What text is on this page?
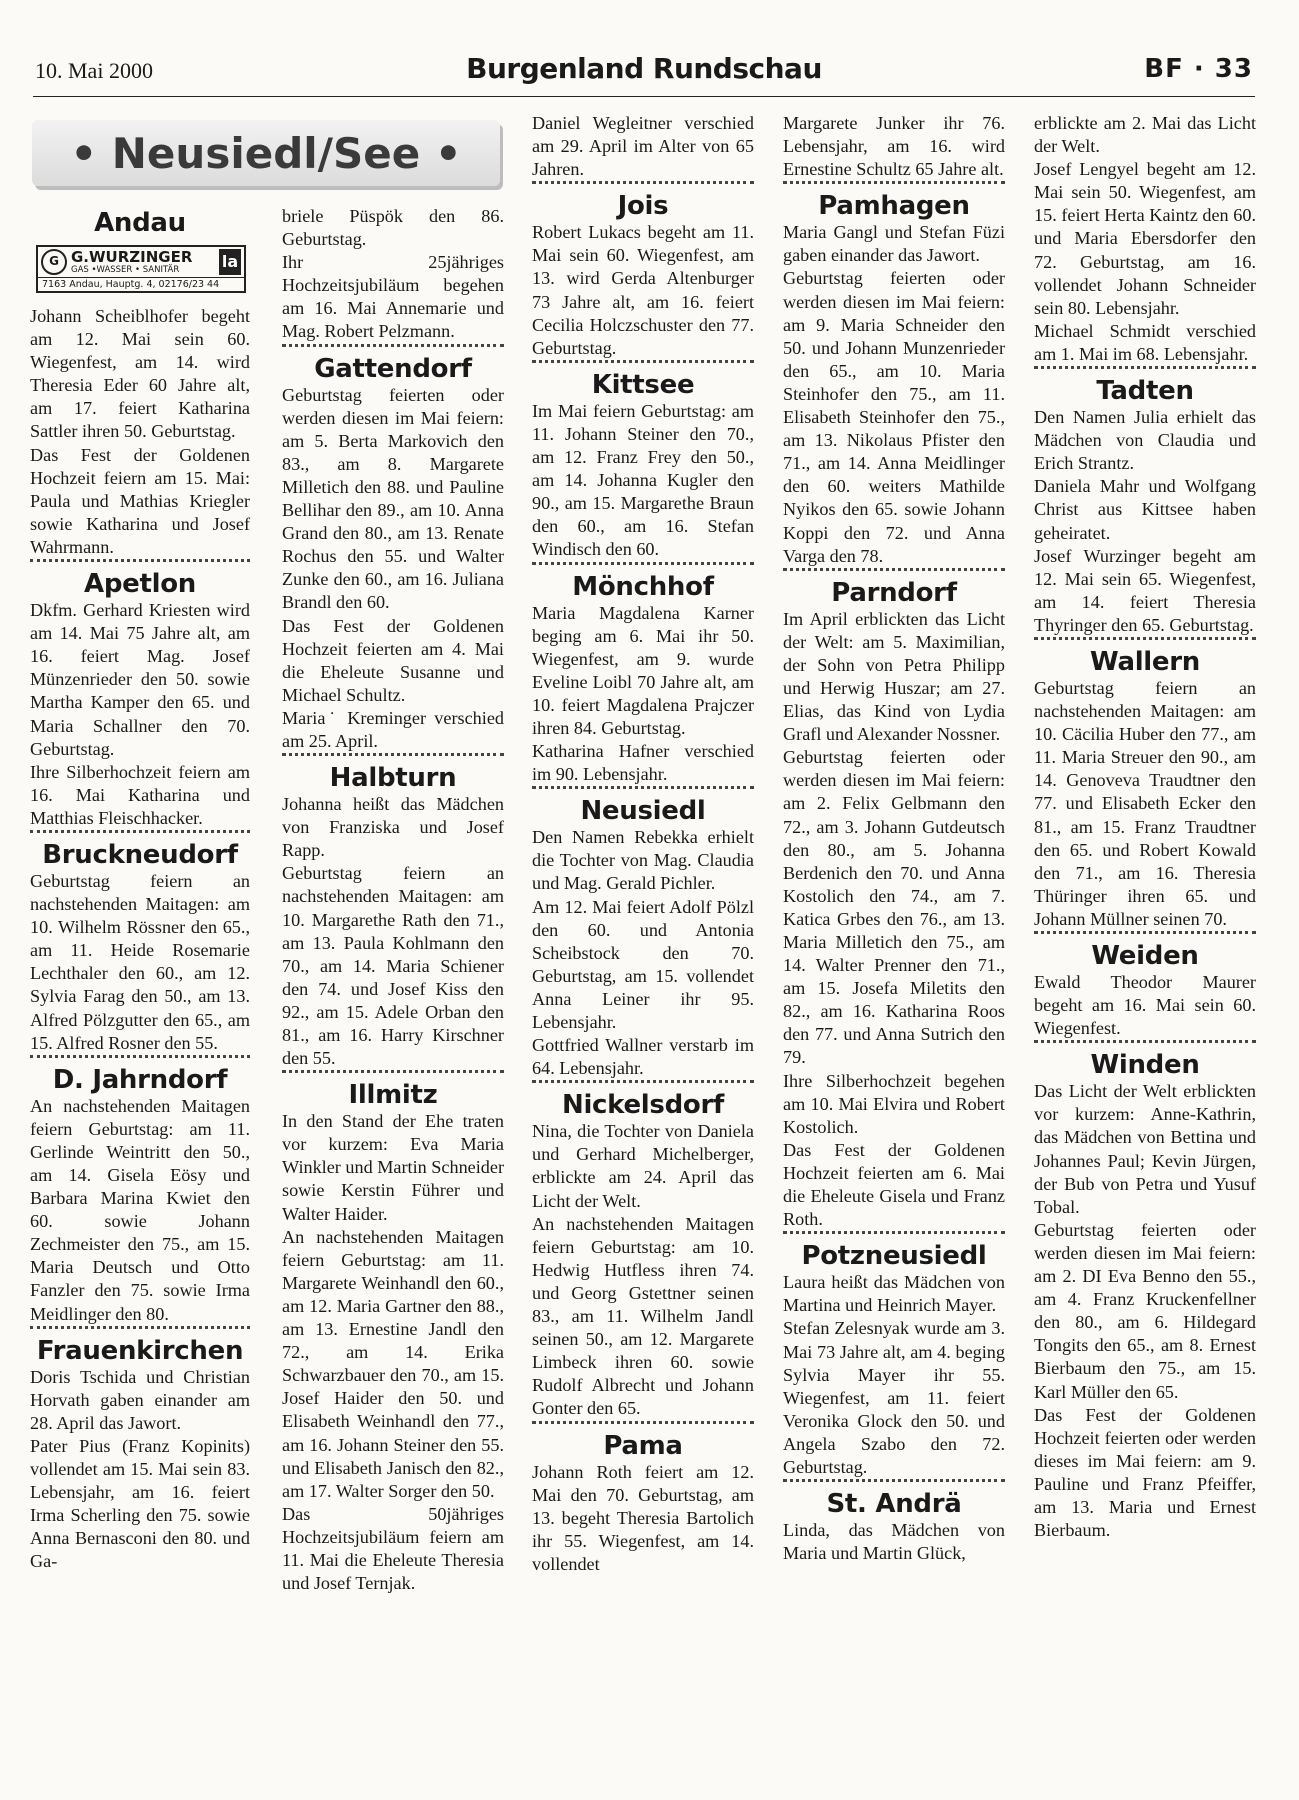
10. Mai 2000	Burgenland Rundschau	BF · 33
• Neusiedl/See •
Andau
G G.WURZINGER
GAS •WASSER • SANITÄR	la
7163 Andau, Hauptg. 4, 02176/23 44

Johann Scheiblhofer begeht am 12. Mai sein 60. Wiegenfest, am 14. wird Theresia Eder 60 Jahre alt, am 17. feiert Katharina Sattler ihren 50. Geburtstag.

Das Fest der Goldenen Hochzeit feiern am 15. Mai: Paula und Mathias Kriegler sowie Katharina und Josef Wahrmann.

Apetlon

Dkfm. Gerhard Kriesten wird am 14. Mai 75 Jahre alt, am 16. feiert Mag. Josef Münzenrieder den 50. sowie Martha Kamper den 65. und Maria Schallner den 70. Geburtstag.

Ihre Silberhochzeit feiern am 16. Mai Katharina und Matthias Fleischhacker.

Bruckneudorf

Geburtstag feiern an nachstehenden Maitagen: am 10. Wilhelm Rössner den 65., am 11. Heide Rosemarie Lechthaler den 60., am 12. Sylvia Farag den 50., am 13. Alfred Pölzgutter den 65., am 15. Alfred Rosner den 55.

D. Jahrndorf

An nachstehenden Maitagen feiern Geburtstag: am 11. Gerlinde Weintritt den 50., am 14. Gisela Eösy und Barbara Marina Kwiet den 60. sowie Johann Zechmeister den 75., am 15. Maria Deutsch und Otto Fanzler den 75. sowie Irma Meidlinger den 80.

Frauenkirchen

Doris Tschida und Christian Horvath gaben einander am 28. April das Jawort.

Pater Pius (Franz Kopinits) vollendet am 15. Mai sein 83. Lebensjahr, am 16. feiert Irma Scherling den 75. sowie Anna Bernasconi den 80. und Ga-

briele Püspök den 86. Geburtstag.

Ihr 25jähriges Hochzeitsjubiläum begehen am 16. Mai Annemarie und Mag. Robert Pelzmann.

Gattendorf

Geburtstag feierten oder werden diesen im Mai feiern: am 5. Berta Markovich den 83., am 8. Margarete Milletich den 88. und Pauline Bellihar den 89., am 10. Anna Grand den 80., am 13. Renate Rochus den 55. und Walter Zunke den 60., am 16. Juliana Brandl den 60.

Das Fest der Goldenen Hochzeit feierten am 4. Mai die Eheleute Susanne und Michael Schultz.

Maria˙ Kreminger verschied am 25. April.

Halbturn

Johanna heißt das Mädchen von Franziska und Josef Rapp.

Geburtstag feiern an nachstehenden Maitagen: am 10. Margarethe Rath den 71., am 13. Paula Kohlmann den 70., am 14. Maria Schiener den 74. und Josef Kiss den 92., am 15. Adele Orban den 81., am 16. Harry Kirschner den 55.

Illmitz

In den Stand der Ehe traten vor kurzem: Eva Maria Winkler und Martin Schneider sowie Kerstin Führer und Walter Haider.

An nachstehenden Maitagen feiern Geburtstag: am 11. Margarete Weinhandl den 60., am 12. Maria Gartner den 88., am 13. Ernestine Jandl den 72., am 14. Erika Schwarzbauer den 70., am 15. Josef Haider den 50. und Elisabeth Weinhandl den 77., am 16. Johann Steiner den 55. und Elisabeth Janisch den 82., am 17. Walter Sorger den 50.

Das 50jähriges Hochzeitsjubiläum feiern am 11. Mai die Eheleute Theresia und Josef Ternjak.

Daniel Wegleitner verschied am 29. April im Alter von 65 Jahren.

Jois

Robert Lukacs begeht am 11. Mai sein 60. Wiegenfest, am 13. wird Gerda Altenburger 73 Jahre alt, am 16. feiert Cecilia Holczschuster den 77. Geburtstag.

Kittsee

Im Mai feiern Geburtstag: am 11. Johann Steiner den 70., am 12. Franz Frey den 50., am 14. Johanna Kugler den 90., am 15. Margarethe Braun den 60., am 16. Stefan Windisch den 60.

Mönchhof

Maria Magdalena Karner beging am 6. Mai ihr 50. Wiegenfest, am 9. wurde Eveline Loibl 70 Jahre alt, am 10. feiert Magdalena Prajczer ihren 84. Geburtstag.

Katharina Hafner verschied im 90. Lebensjahr.

Neusiedl

Den Namen Rebekka erhielt die Tochter von Mag. Claudia und Mag. Gerald Pichler.

Am 12. Mai feiert Adolf Pölzl den 60. und Antonia Scheibstock den 70. Geburtstag, am 15. vollendet Anna Leiner ihr 95. Lebensjahr.

Gottfried Wallner verstarb im 64. Lebensjahr.

Nickelsdorf

Nina, die Tochter von Daniela und Gerhard Michelberger, erblickte am 24. April das Licht der Welt.

An nachstehenden Maitagen feiern Geburtstag: am 10. Hedwig Hutfless ihren 74. und Georg Gstettner seinen 83., am 11. Wilhelm Jandl seinen 50., am 12. Margarete Limbeck ihren 60. sowie Rudolf Albrecht und Johann Gonter den 65.

Pama

Johann Roth feiert am 12. Mai den 70. Geburtstag, am 13. begeht Theresia Bartolich ihr 55. Wiegenfest, am 14. vollendet

Margarete Junker ihr 76. Lebensjahr, am 16. wird Ernestine Schultz 65 Jahre alt.

Pamhagen

Maria Gangl und Stefan Füzi gaben einander das Jawort.

Geburtstag feierten oder werden diesen im Mai feiern: am 9. Maria Schneider den 50. und Johann Munzenrieder den 65., am 10. Maria Steinhofer den 75., am 11. Elisabeth Steinhofer den 75., am 13. Nikolaus Pfister den 71., am 14. Anna Meidlinger den 60. weiters Mathilde Nyikos den 65. sowie Johann Koppi den 72. und Anna Varga den 78.

Parndorf

Im April erblickten das Licht der Welt: am 5. Maximilian, der Sohn von Petra Philipp und Herwig Huszar; am 27. Elias, das Kind von Lydia Grafl und Alexander Nossner.

Geburtstag feierten oder werden diesen im Mai feiern: am 2. Felix Gelbmann den 72., am 3. Johann Gutdeutsch den 80., am 5. Johanna Berdenich den 70. und Anna Kostolich den 74., am 7. Katica Grbes den 76., am 13. Maria Milletich den 75., am 14. Walter Prenner den 71., am 15. Josefa Miletits den 82., am 16. Katharina Roos den 77. und Anna Sutrich den 79.

Ihre Silberhochzeit begehen am 10. Mai Elvira und Robert Kostolich.

Das Fest der Goldenen Hochzeit feierten am 6. Mai die Eheleute Gisela und Franz Roth.

Potzneusiedl

Laura heißt das Mädchen von Martina und Heinrich Mayer.

Stefan Zelesnyak wurde am 3. Mai 73 Jahre alt, am 4. beging Sylvia Mayer ihr 55. Wiegenfest, am 11. feiert Veronika Glock den 50. und Angela Szabo den 72. Geburtstag.

St. Andrä

Linda, das Mädchen von Maria und Martin Glück,

erblickte am 2. Mai das Licht der Welt.

Josef Lengyel begeht am 12. Mai sein 50. Wiegenfest, am 15. feiert Herta Kaintz den 60. und Maria Ebersdorfer den 72. Geburtstag, am 16. vollendet Johann Schneider sein 80. Lebensjahr.

Michael Schmidt verschied am 1. Mai im 68. Lebensjahr.

Tadten

Den Namen Julia erhielt das Mädchen von Claudia und Erich Strantz.

Daniela Mahr und Wolfgang Christ aus Kittsee haben geheiratet.

Josef Wurzinger begeht am 12. Mai sein 65. Wiegenfest, am 14. feiert Theresia Thyringer den 65. Geburtstag.

Wallern

Geburtstag feiern an nachstehenden Maitagen: am 10. Cäcilia Huber den 77., am 11. Maria Streuer den 90., am 14. Genoveva Traudtner den 77. und Elisabeth Ecker den 81., am 15. Franz Traudtner den 65. und Robert Kowald den 71., am 16. Theresia Thüringer ihren 65. und Johann Müllner seinen 70.

Weiden

Ewald Theodor Maurer begeht am 16. Mai sein 60. Wiegenfest.

Winden

Das Licht der Welt erblickten vor kurzem: Anne-Kathrin, das Mädchen von Bettina und Johannes Paul; Kevin Jürgen, der Bub von Petra und Yusuf Tobal.

Geburtstag feierten oder werden diesen im Mai feiern: am 2. DI Eva Benno den 55., am 4. Franz Kruckenfellner den 80., am 6. Hildegard Tongits den 65., am 8. Ernest Bierbaum den 75., am 15. Karl Müller den 65.

Das Fest der Goldenen Hochzeit feierten oder werden dieses im Mai feiern: am 9. Pauline und Franz Pfeiffer, am 13. Maria und Ernest Bierbaum.
